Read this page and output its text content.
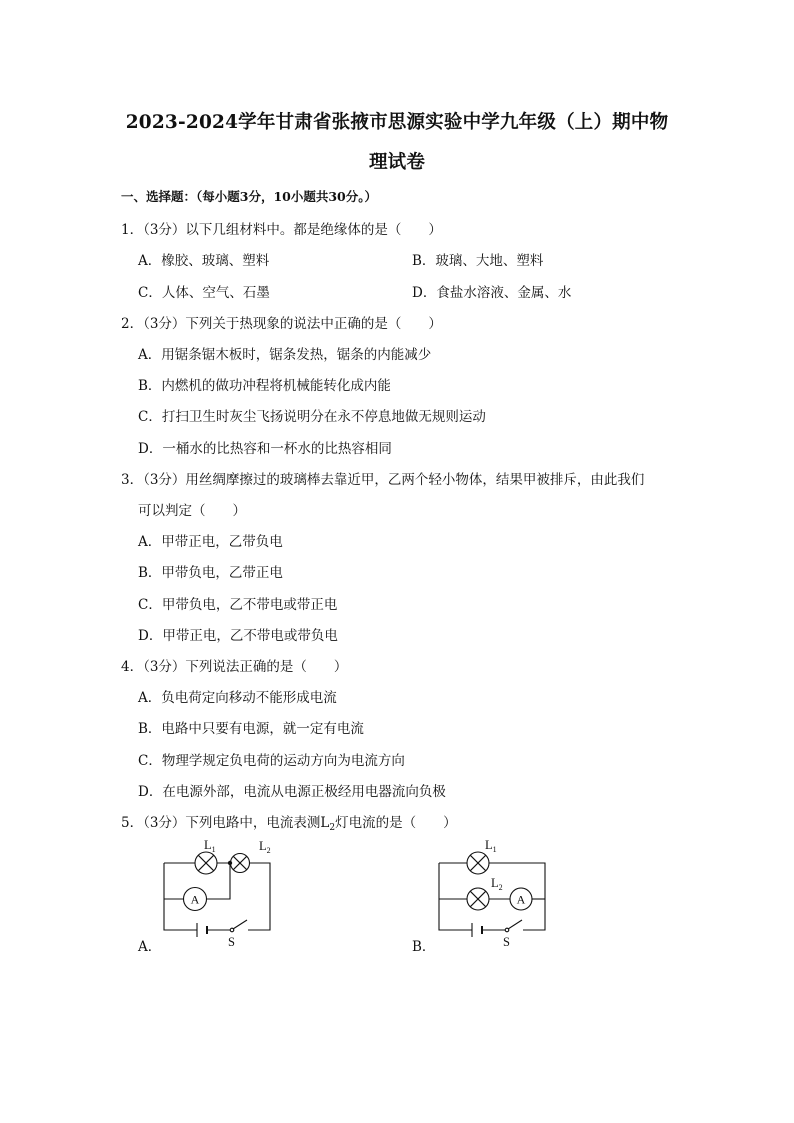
2023-2024学年甘肃省张掖市思源实验中学九年级（上）期中物
理试卷
一、选择题：（每小题3分，10小题共30分。）
1．（3分）以下几组材料中。都是绝缘体的是（　　）
A．橡胶、玻璃、塑料	B．玻璃、大地、塑料
C．人体、空气、石墨	D．食盐水溶液、金属、水
2．（3分）下列关于热现象的说法中正确的是（　　）
A．用锯条锯木板时，锯条发热，锯条的内能减少
B．内燃机的做功冲程将机械能转化成内能
C．打扫卫生时灰尘飞扬说明分在永不停息地做无规则运动
D．一桶水的比热容和一杯水的比热容相同
3．（3分）用丝绸摩擦过的玻璃棒去靠近甲，乙两个轻小物体，结果甲被排斥，由此我们
可以判定（　　）
A．甲带正电，乙带负电
B．甲带负电，乙带正电
C．甲带负电，乙不带电或带正电
D．甲带正电，乙不带电或带负电
4．（3分）下列说法正确的是（　　）
A．负电荷定向移动不能形成电流
B．电路中只要有电源，就一定有电流
C．物理学规定负电荷的运动方向为电流方向
D．在电源外部，电流从电源正极经用电器流向负极
5．（3分）下列电路中，电流表测$L_2$灯电流的是（　　）
A．	B．
A
$L_1$	$L_2$
S
A
$L_1$
$L_2$
S
